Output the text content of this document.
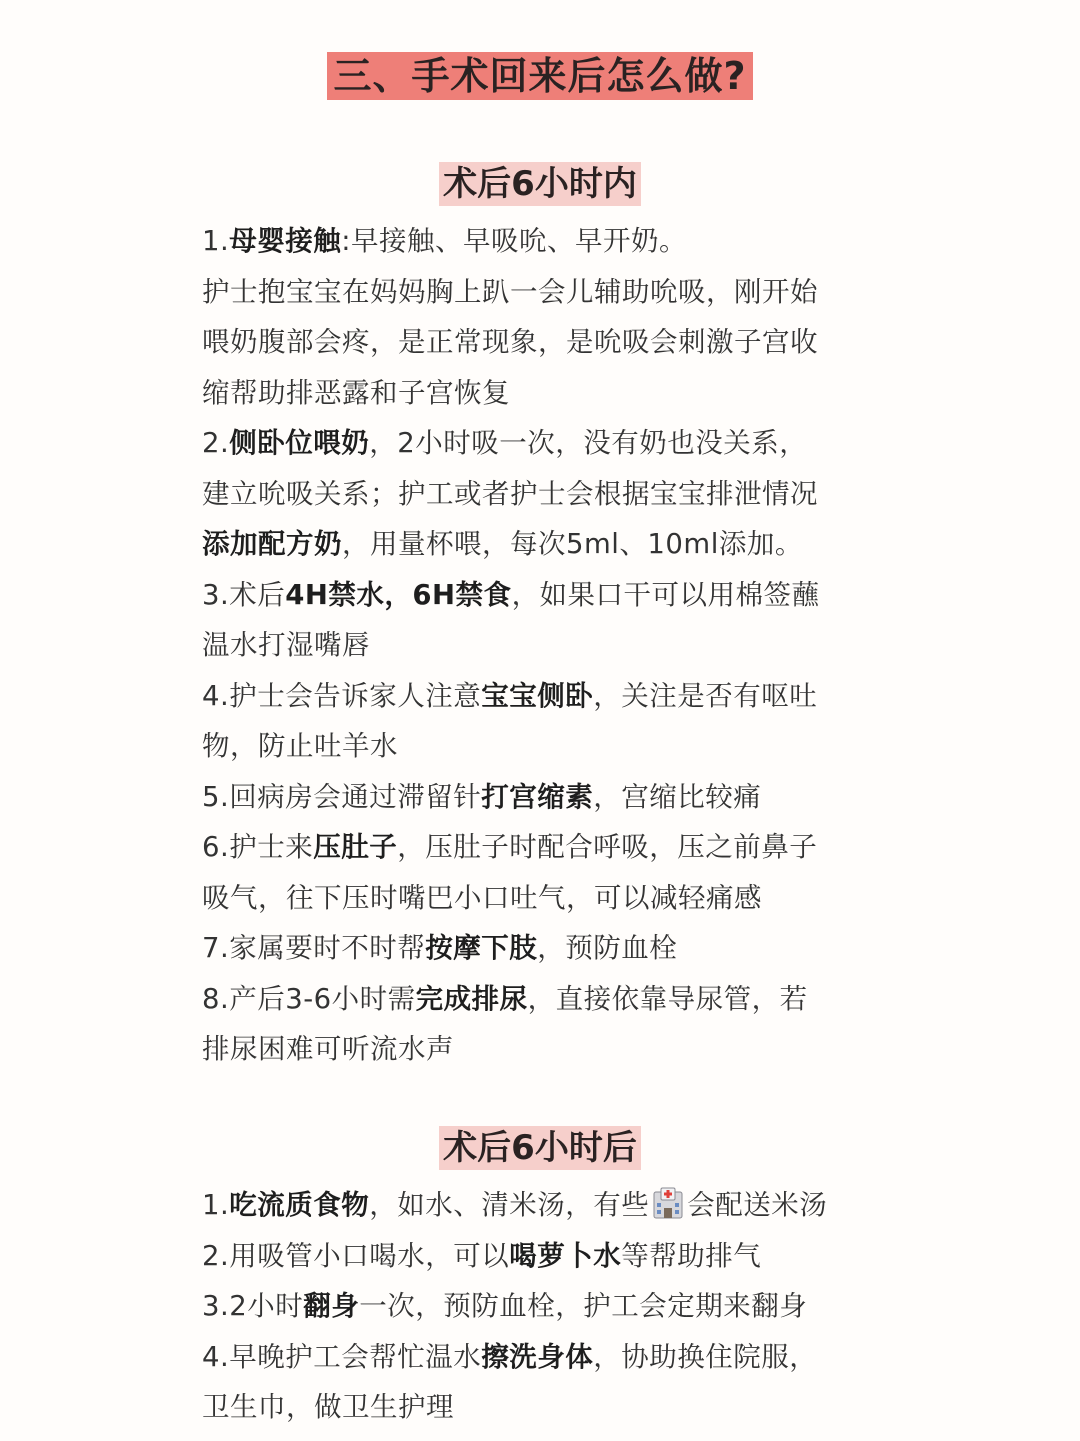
三、手术回来后怎么做?
术后6小时内
1.母婴接触:早接触、早吸吮、早开奶。
护士抱宝宝在妈妈胸上趴一会儿辅助吮吸，刚开始
喂奶腹部会疼，是正常现象，是吮吸会刺激子宫收
缩帮助排恶露和子宫恢复
2.侧卧位喂奶，2小时吸一次，没有奶也没关系，
建立吮吸关系；护工或者护士会根据宝宝排泄情况
添加配方奶，用量杯喂，每次5ml、10ml添加。
3.术后4H禁水，6H禁食，如果口干可以用棉签蘸
温水打湿嘴唇
4.护士会告诉家人注意宝宝侧卧，关注是否有呕吐
物，防止吐羊水
5.回病房会通过滞留针打宫缩素，宫缩比较痛
6.护士来压肚子，压肚子时配合呼吸，压之前鼻子
吸气，往下压时嘴巴小口吐气，可以减轻痛感
7.家属要时不时帮按摩下肢，预防血栓
8.产后3-6小时需完成排尿，直接依靠导尿管，若
排尿困难可听流水声
术后6小时后
1.吃流质食物，如水、清米汤，有些 会配送米汤
2.用吸管小口喝水，可以喝萝卜水等帮助排气
3.2小时翻身一次，预防血栓，护工会定期来翻身
4.早晚护工会帮忙温水擦洗身体，协助换住院服，
卫生巾，做卫生护理
